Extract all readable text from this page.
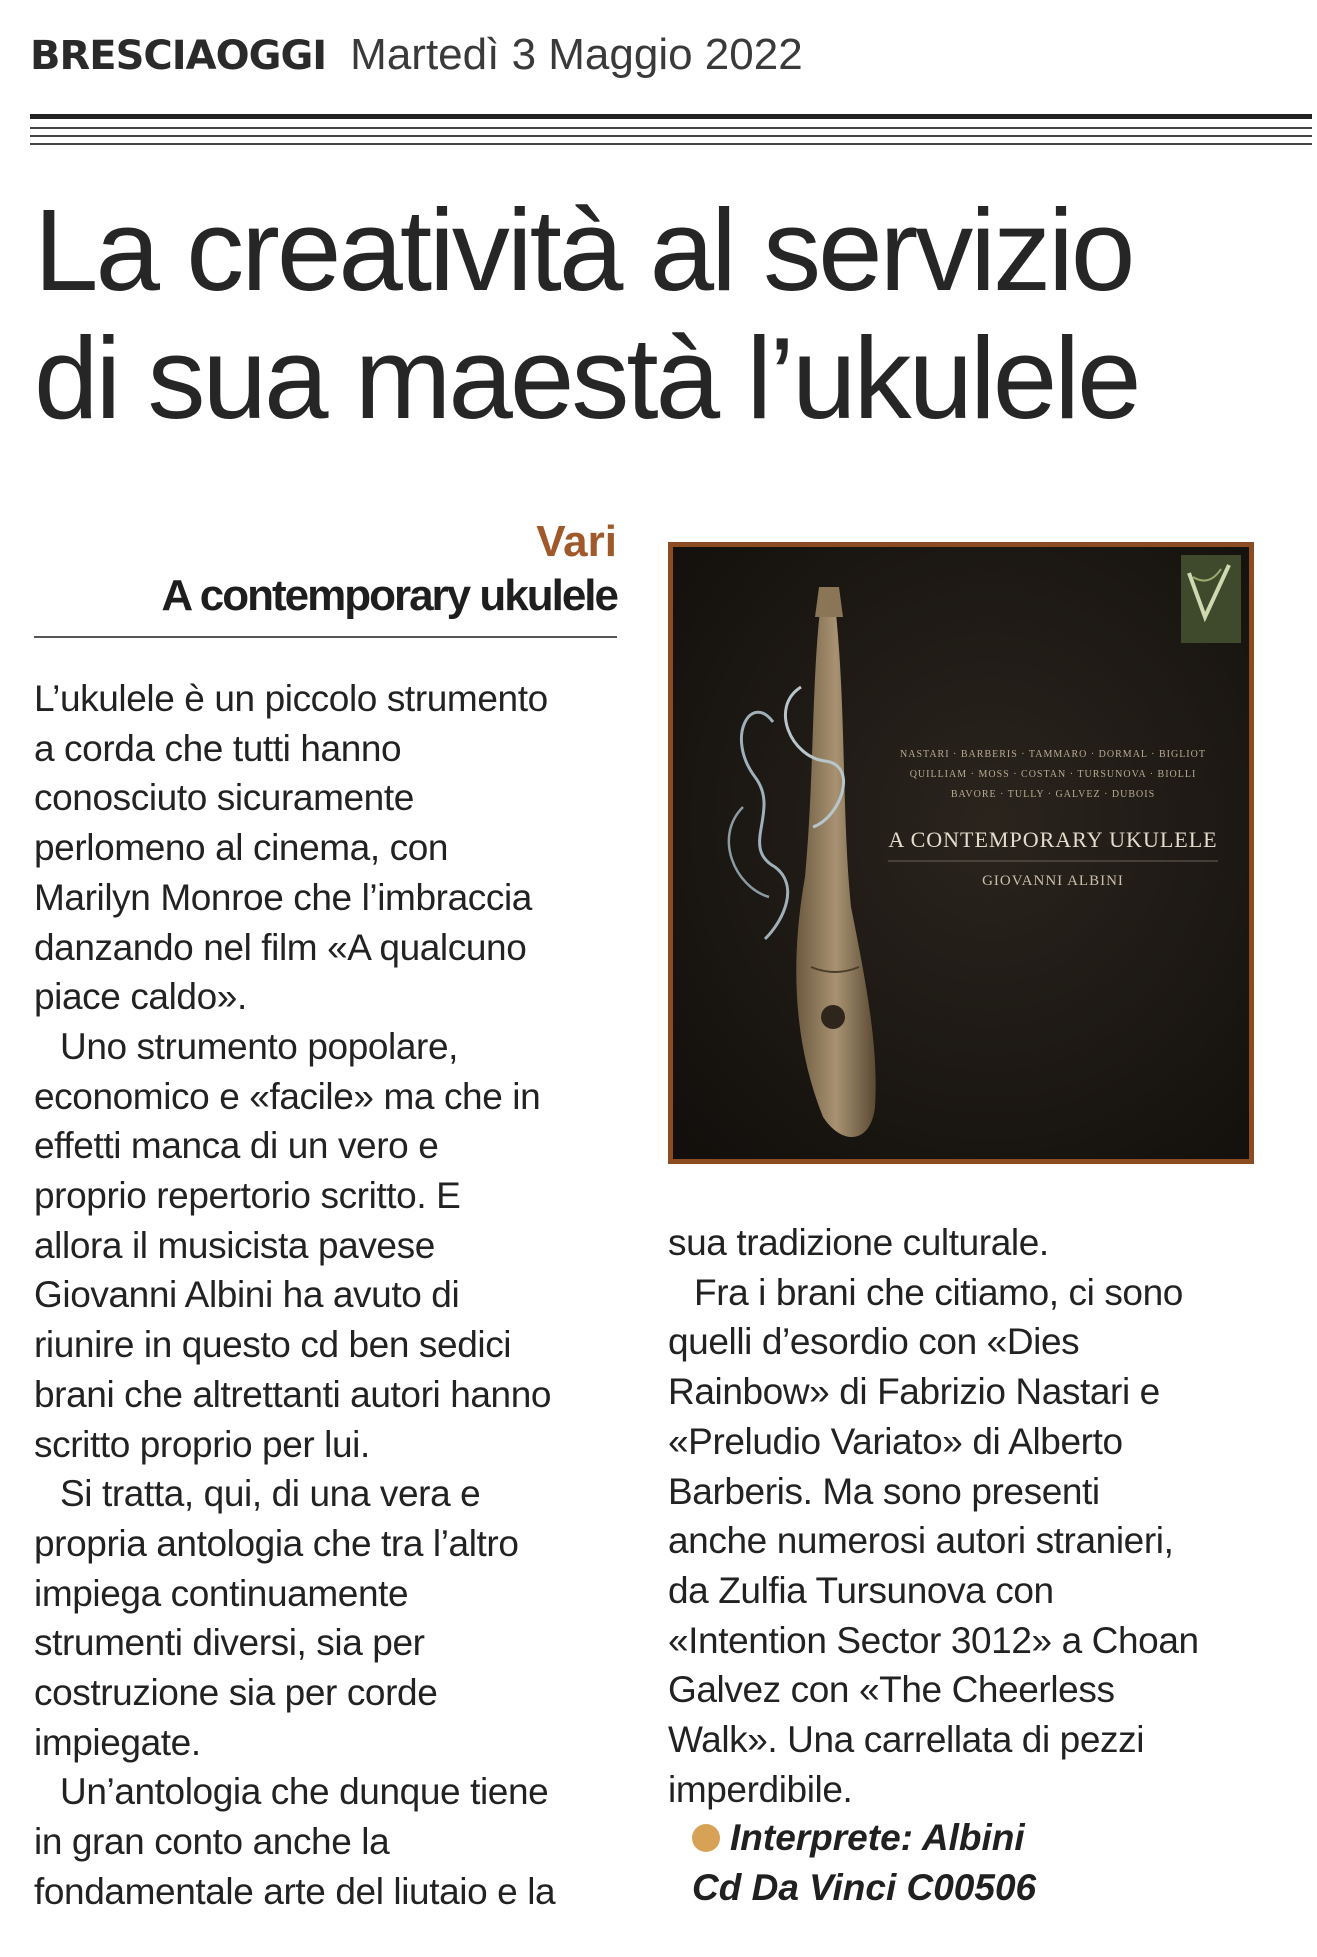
BRESCIAOGGI Martedì 3 Maggio 2022
La creatività al servizio
di sua maestà l’ukulele
Vari
A contemporary ukulele

L’ukulele è un piccolo strumento

a corda che tutti hanno

conosciuto sicuramente

perlomeno al cinema, con

Marilyn Monroe che l’imbraccia

danzando nel film «A qualcuno

piace caldo».

Uno strumento popolare,

economico e «facile» ma che in

effetti manca di un vero e

proprio repertorio scritto. E

allora il musicista pavese

Giovanni Albini ha avuto di

riunire in questo cd ben sedici

brani che altrettanti autori hanno

scritto proprio per lui.

Si tratta, qui, di una vera e

propria antologia che tra l’altro

impiega continuamente

strumenti diversi, sia per

costruzione sia per corde

impiegate.

Un’antologia che dunque tiene

in gran conto anche la

fondamentale arte del liutaio e la

NASTARI · BARBERIS · TAMMARO · DORMAL · BIGLIOT
QUILLIAM · MOSS · COSTAN · TURSUNOVA · BIOLLI
BAVORE · TULLY · GALVEZ · DUBOIS
A CONTEMPORARY UKULELE
GIOVANNI ALBINI

sua tradizione culturale.

Fra i brani che citiamo, ci sono

quelli d’esordio con «Dies

Rainbow» di Fabrizio Nastari e

«Preludio Variato» di Alberto

Barberis. Ma sono presenti

anche numerosi autori stranieri,

da Zulfia Tursunova con

«Intention Sector 3012» a Choan

Galvez con «The Cheerless

Walk». Una carrellata di pezzi

imperdibile.

Interprete: Albini
Cd Da Vinci C00506
